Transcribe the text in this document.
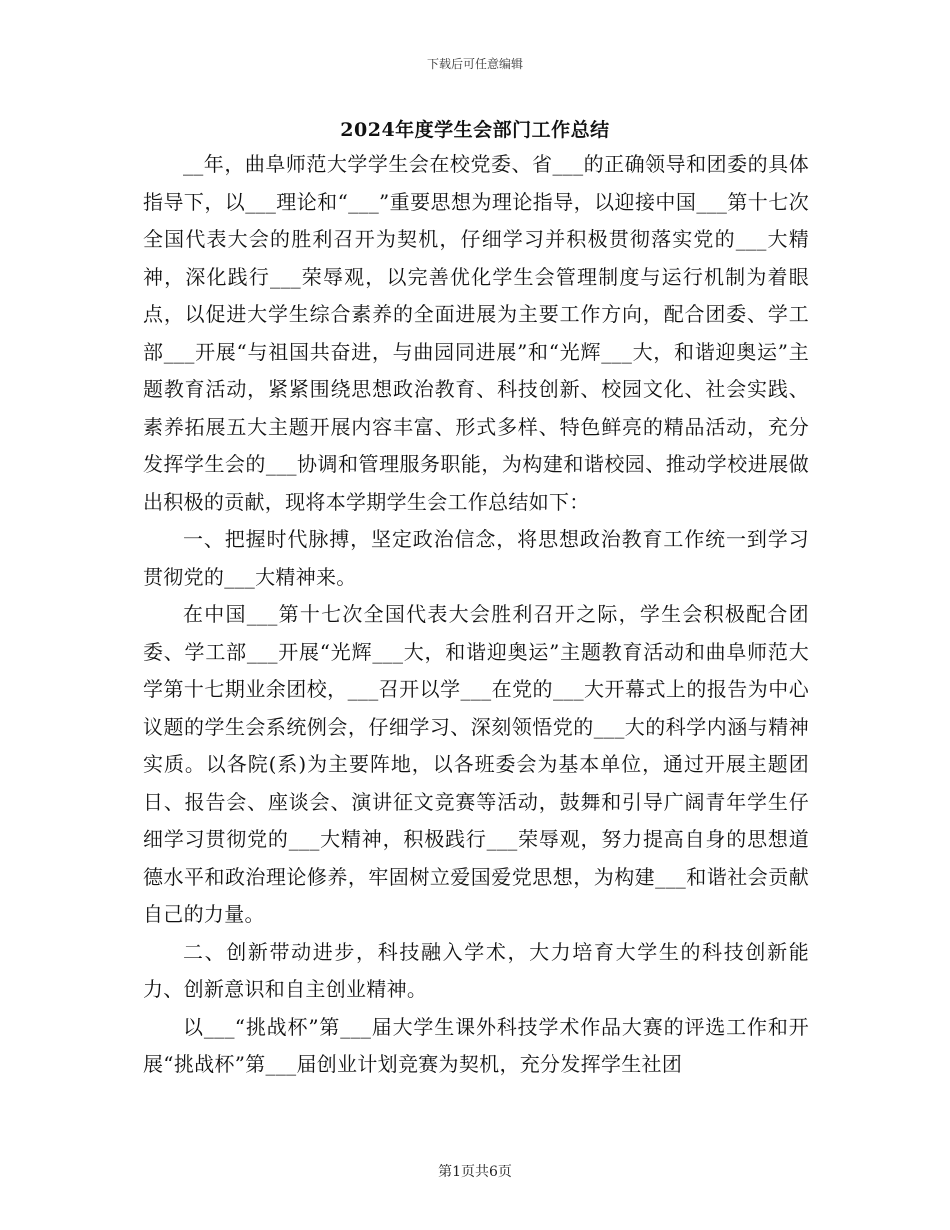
下载后可任意编辑
2024年度学生会部门工作总结

__年，曲阜师范大学学生会在校党委、省___的正确领导和团委的具体指导下，以___理论和“___”重要思想为理论指导，以迎接中国___第十七次全国代表大会的胜利召开为契机，仔细学习并积极贯彻落实党的___大精神，深化践行___荣辱观，以完善优化学生会管理制度与运行机制为着眼点，以促进大学生综合素养的全面进展为主要工作方向，配合团委、学工部___开展“与祖国共奋进，与曲园同进展”和“光辉___大，和谐迎奥运”主题教育活动，紧紧围绕思想政治教育、科技创新、校园文化、社会实践、素养拓展五大主题开展内容丰富、形式多样、特色鲜亮的精品活动，充分发挥学生会的___协调和管理服务职能，为构建和谐校园、推动学校进展做出积极的贡献，现将本学期学生会工作总结如下：

一、把握时代脉搏，坚定政治信念，将思想政治教育工作统一到学习贯彻党的___大精神来。

在中国___第十七次全国代表大会胜利召开之际，学生会积极配合团委、学工部___开展“光辉___大，和谐迎奥运”主题教育活动和曲阜师范大学第十七期业余团校，___召开以学___在党的___大开幕式上的报告为中心议题的学生会系统例会，仔细学习、深刻领悟党的___大的科学内涵与精神实质。以各院(系)为主要阵地，以各班委会为基本单位，通过开展主题团日、报告会、座谈会、演讲征文竞赛等活动，鼓舞和引导广阔青年学生仔细学习贯彻党的___大精神，积极践行___荣辱观，努力提高自身的思想道德水平和政治理论修养，牢固树立爱国爱党思想，为构建___和谐社会贡献自己的力量。

二、创新带动进步，科技融入学术，大力培育大学生的科技创新能力、创新意识和自主创业精神。

以___“挑战杯”第___届大学生课外科技学术作品大赛的评选工作和开展“挑战杯”第___届创业计划竞赛为契机，充分发挥学生社团

第1页共6页
